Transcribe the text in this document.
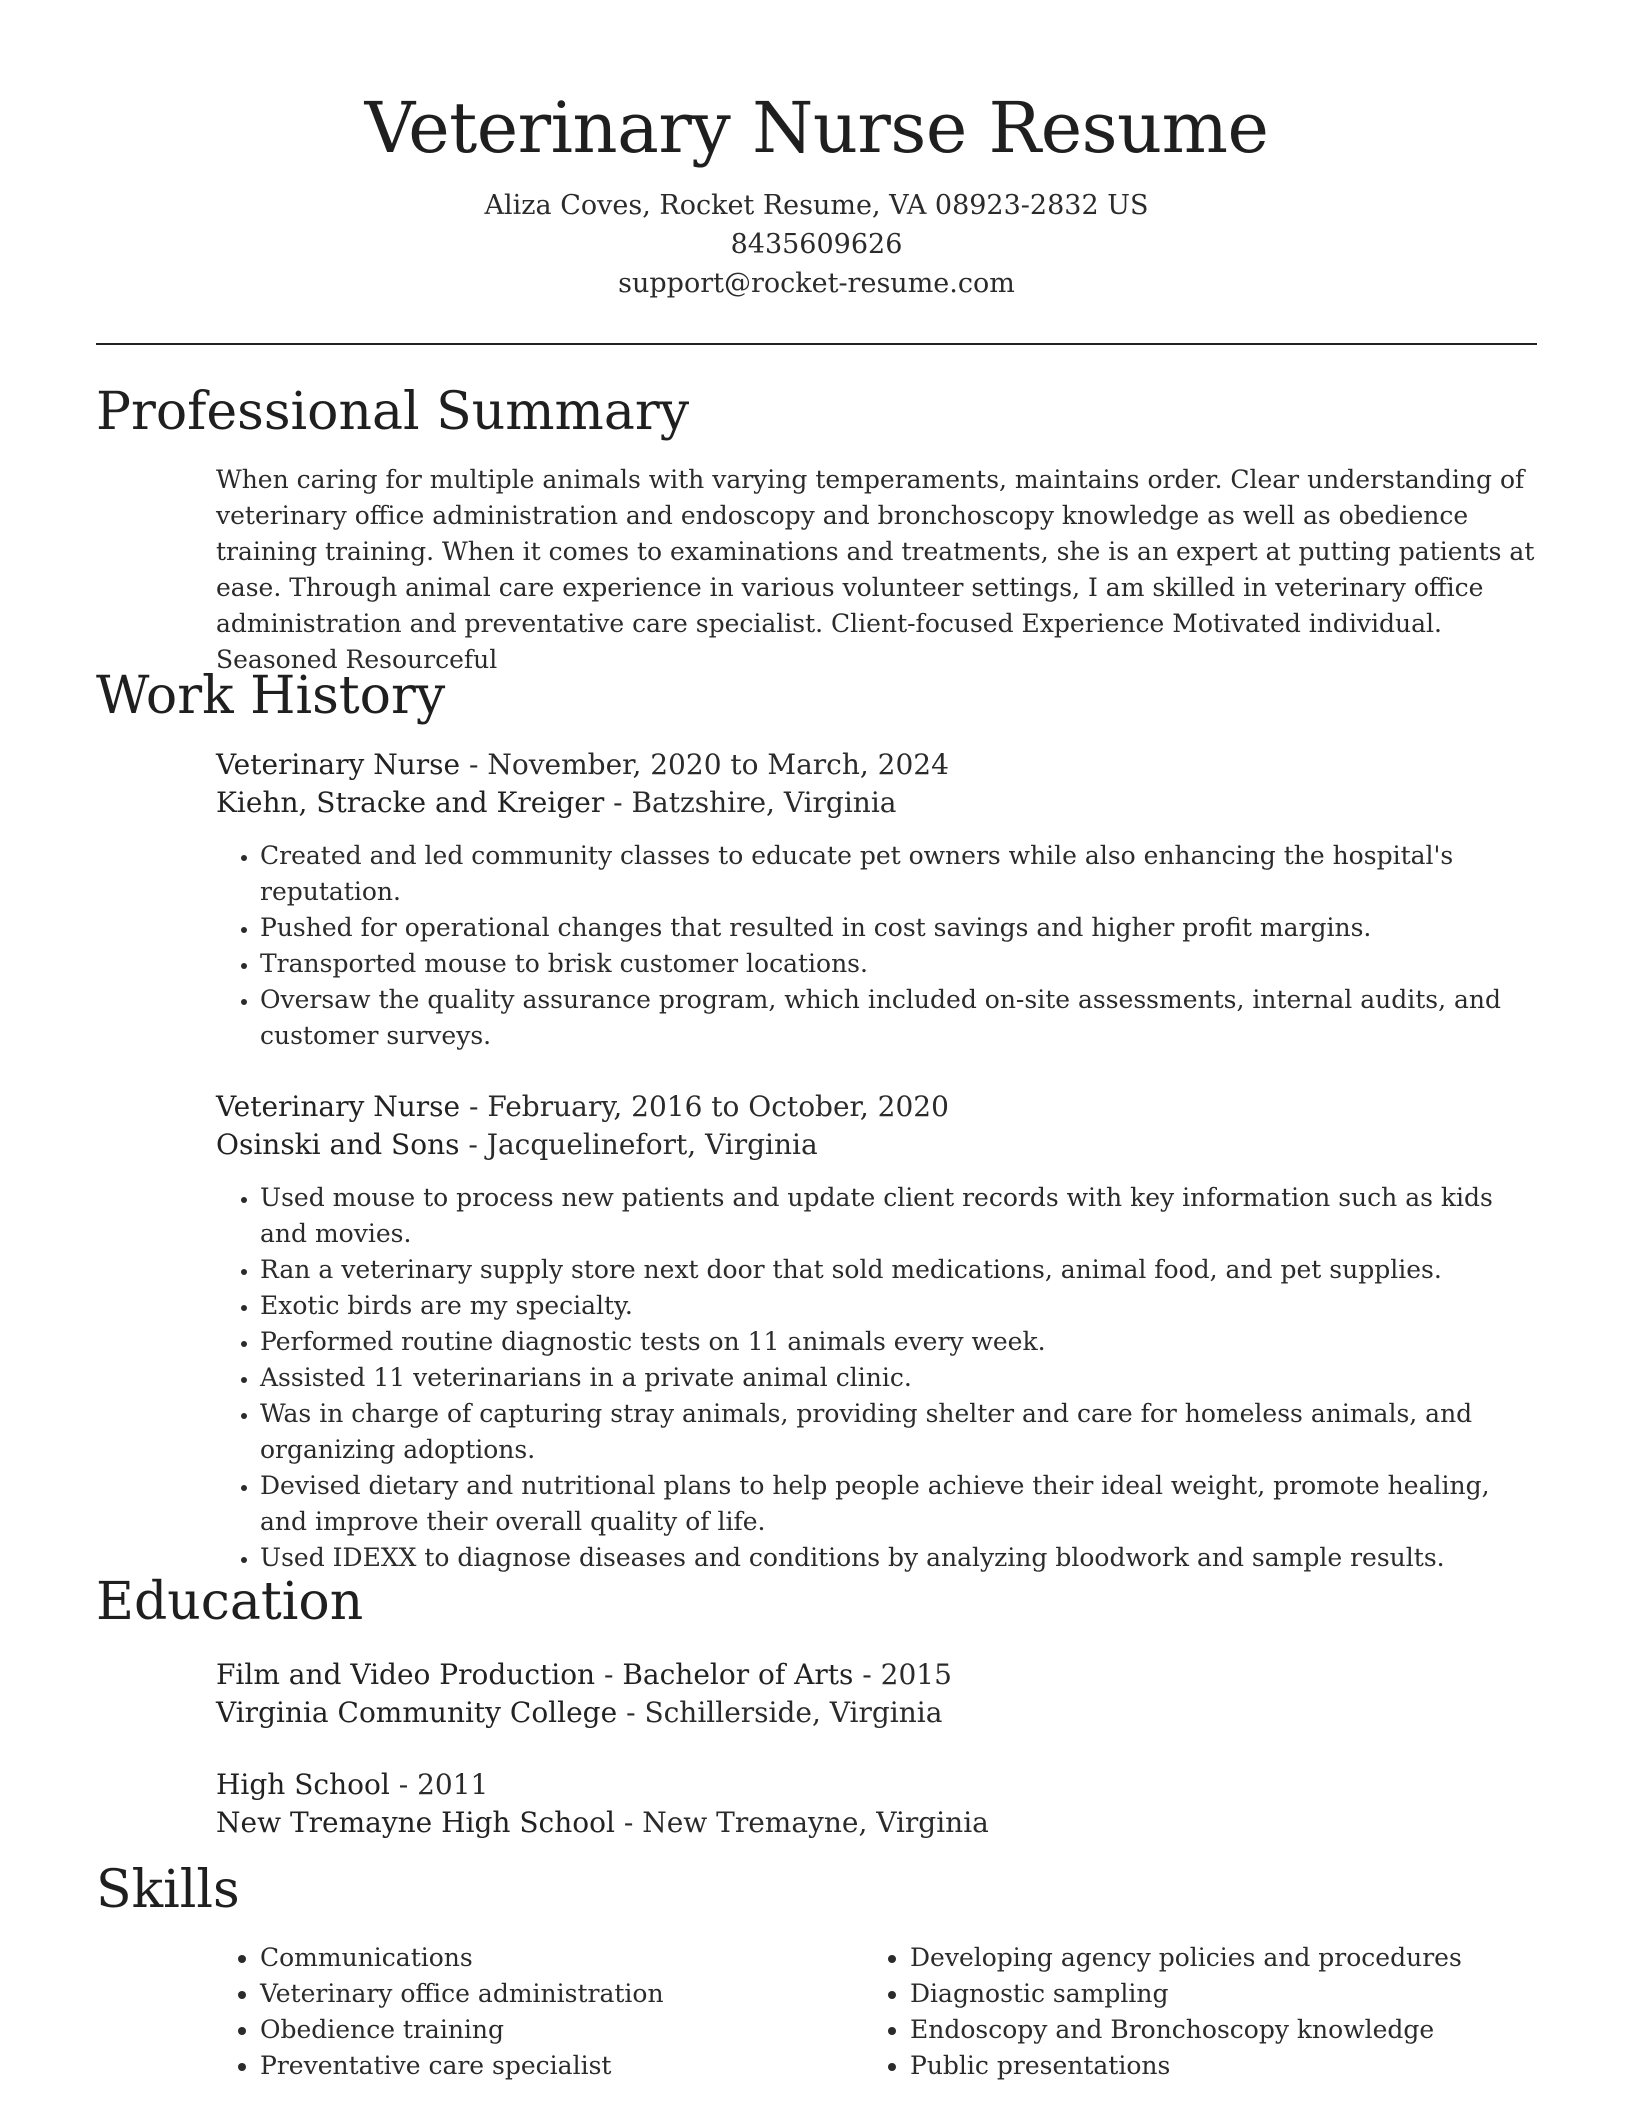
Veterinary Nurse Resume
Aliza Coves, Rocket Resume, VA 08923-2832 US
8435609626
support@rocket-resume.com
Professional Summary
When caring for multiple animals with varying temperaments, maintains order. Clear understanding of veterinary office administration and endoscopy and bronchoscopy knowledge as well as obedience training training. When it comes to examinations and treatments, she is an expert at putting patients at ease. Through animal care experience in various volunteer settings, I am skilled in veterinary office administration and preventative care specialist. Client-focused Experience Motivated individual. Seasoned Resourceful
Work History
Veterinary Nurse - November, 2020 to March, 2024
Kiehn, Stracke and Kreiger - Batzshire, Virginia
• Created and led community classes to educate pet owners while also enhancing the hospital's reputation.
• Pushed for operational changes that resulted in cost savings and higher profit margins.
• Transported mouse to brisk customer locations.
• Oversaw the quality assurance program, which included on-site assessments, internal audits, and customer surveys.
Veterinary Nurse - February, 2016 to October, 2020
Osinski and Sons - Jacquelinefort, Virginia
• Used mouse to process new patients and update client records with key information such as kids and movies.
• Ran a veterinary supply store next door that sold medications, animal food, and pet supplies.
• Exotic birds are my specialty.
• Performed routine diagnostic tests on 11 animals every week.
• Assisted 11 veterinarians in a private animal clinic.
• Was in charge of capturing stray animals, providing shelter and care for homeless animals, and organizing adoptions.
• Devised dietary and nutritional plans to help people achieve their ideal weight, promote healing, and improve their overall quality of life.
• Used IDEXX to diagnose diseases and conditions by analyzing bloodwork and sample results.
Education
Film and Video Production - Bachelor of Arts - 2015
Virginia Community College - Schillerside, Virginia
High School - 2011
New Tremayne High School - New Tremayne, Virginia
Skills
• Communications
• Veterinary office administration
• Obedience training
• Preventative care specialist
• Developing agency policies and procedures
• Diagnostic sampling
• Endoscopy and Bronchoscopy knowledge
• Public presentations
